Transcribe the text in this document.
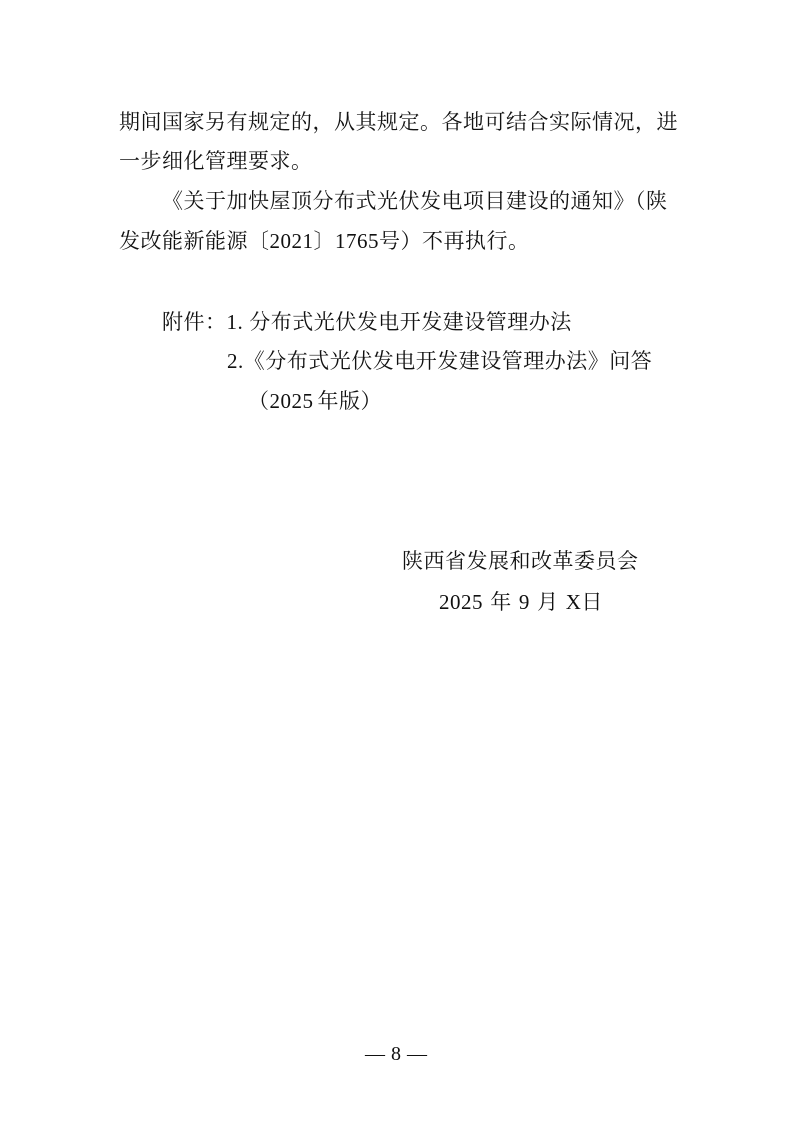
期间国家另有规定的，从其规定。各地可结合实际情况，进
一步细化管理要求。
《关于加快屋顶分布式光伏发电项目建设的通知》（陕
发改能新能源〔2021〕1765号）不再执行。
附件：1. 分布式光伏发电开发建设管理办法
2.《分布式光伏发电开发建设管理办法》问答
（2025 年版）
陕西省发展和改革委员会
2025 年 9 月 X日
— 8 —
